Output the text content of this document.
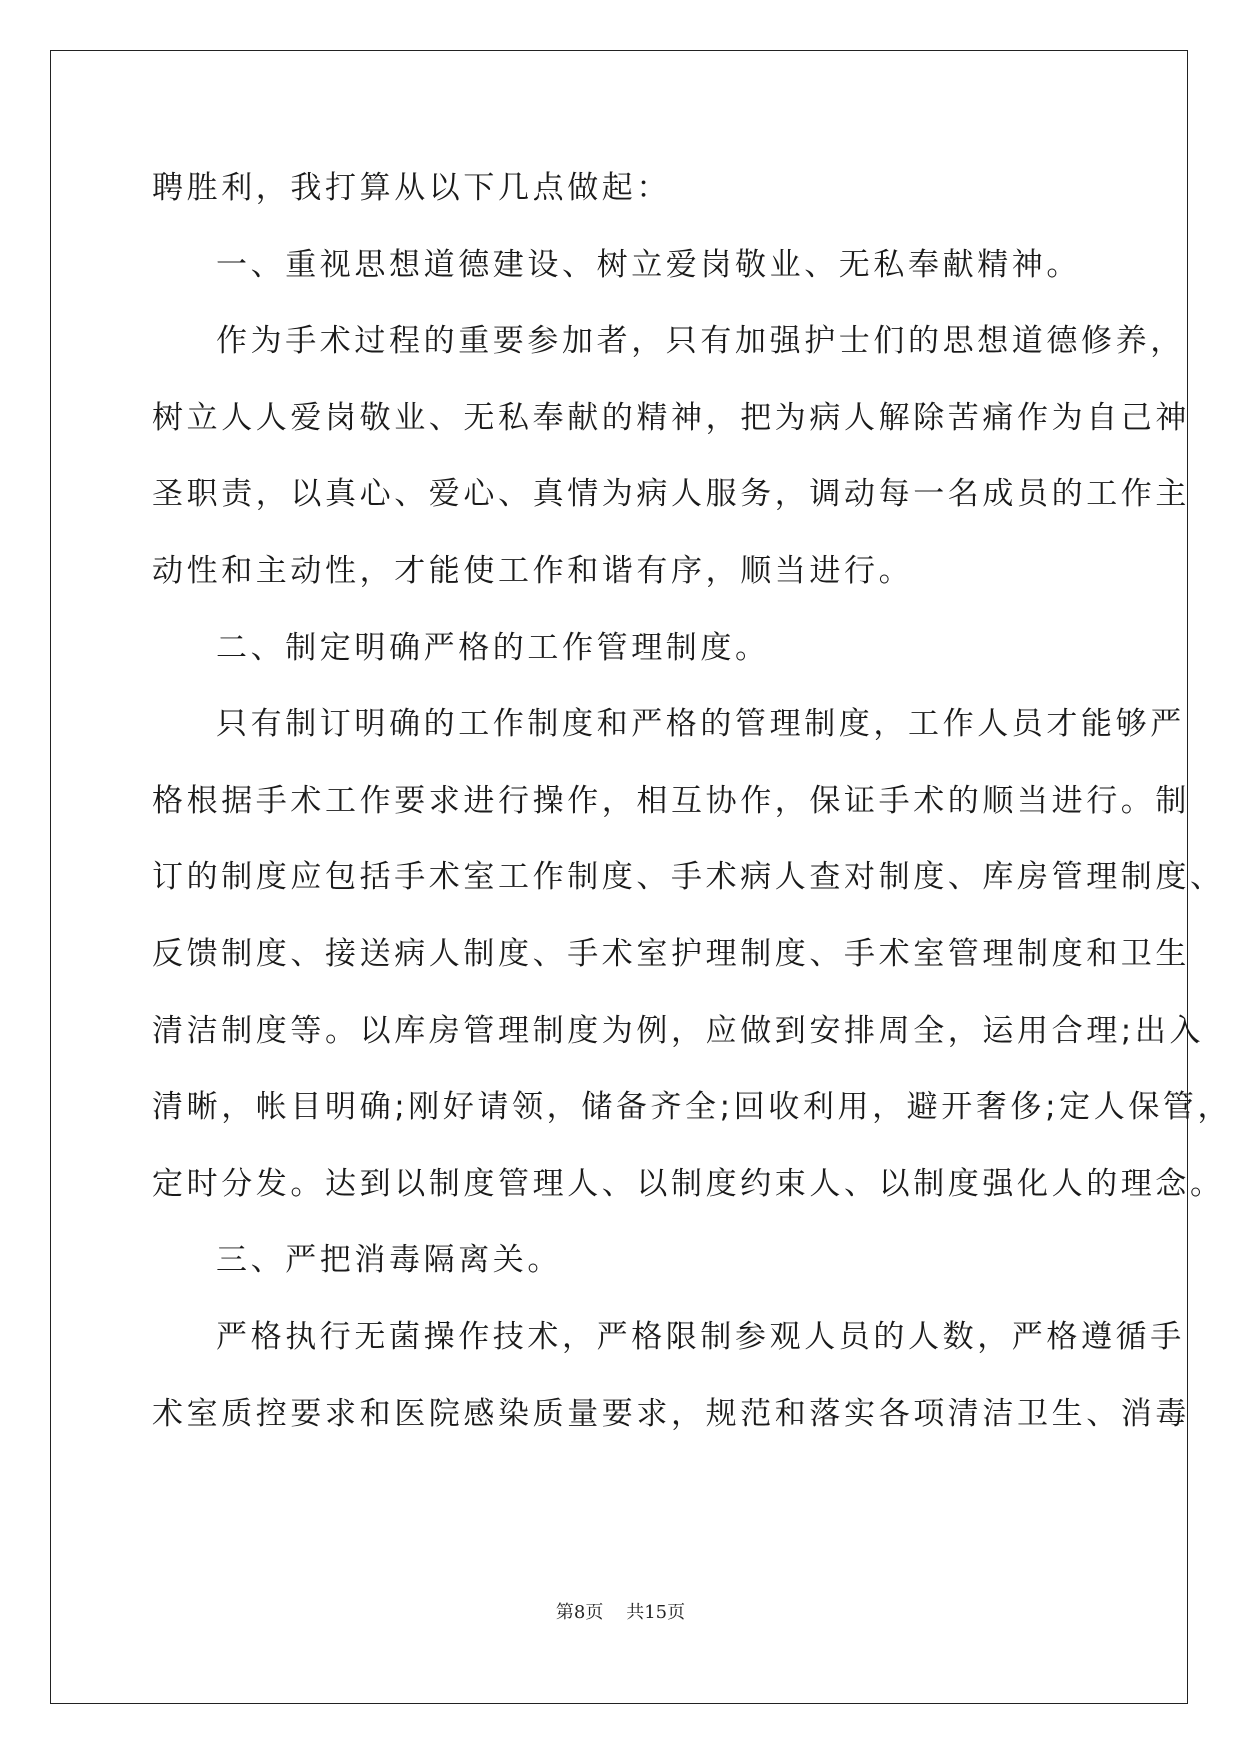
聘胜利，我打算从以下几点做起：
一、重视思想道德建设、树立爱岗敬业、无私奉献精神。
作为手术过程的重要参加者，只有加强护士们的思想道德修养，
树立人人爱岗敬业、无私奉献的精神，把为病人解除苦痛作为自己神
圣职责，以真心、爱心、真情为病人服务，调动每一名成员的工作主
动性和主动性，才能使工作和谐有序，顺当进行。
二、制定明确严格的工作管理制度。
只有制订明确的工作制度和严格的管理制度，工作人员才能够严
格根据手术工作要求进行操作，相互协作，保证手术的顺当进行。制
订的制度应包括手术室工作制度、手术病人查对制度、库房管理制度、
反馈制度、接送病人制度、手术室护理制度、手术室管理制度和卫生
清洁制度等。以库房管理制度为例，应做到安排周全，运用合理;出入
清晰，帐目明确;刚好请领，储备齐全;回收利用，避开奢侈;定人保管，
定时分发。达到以制度管理人、以制度约束人、以制度强化人的理念。
三、严把消毒隔离关。
严格执行无菌操作技术，严格限制参观人员的人数，严格遵循手
术室质控要求和医院感染质量要求，规范和落实各项清洁卫生、消毒
第8页 共15页
